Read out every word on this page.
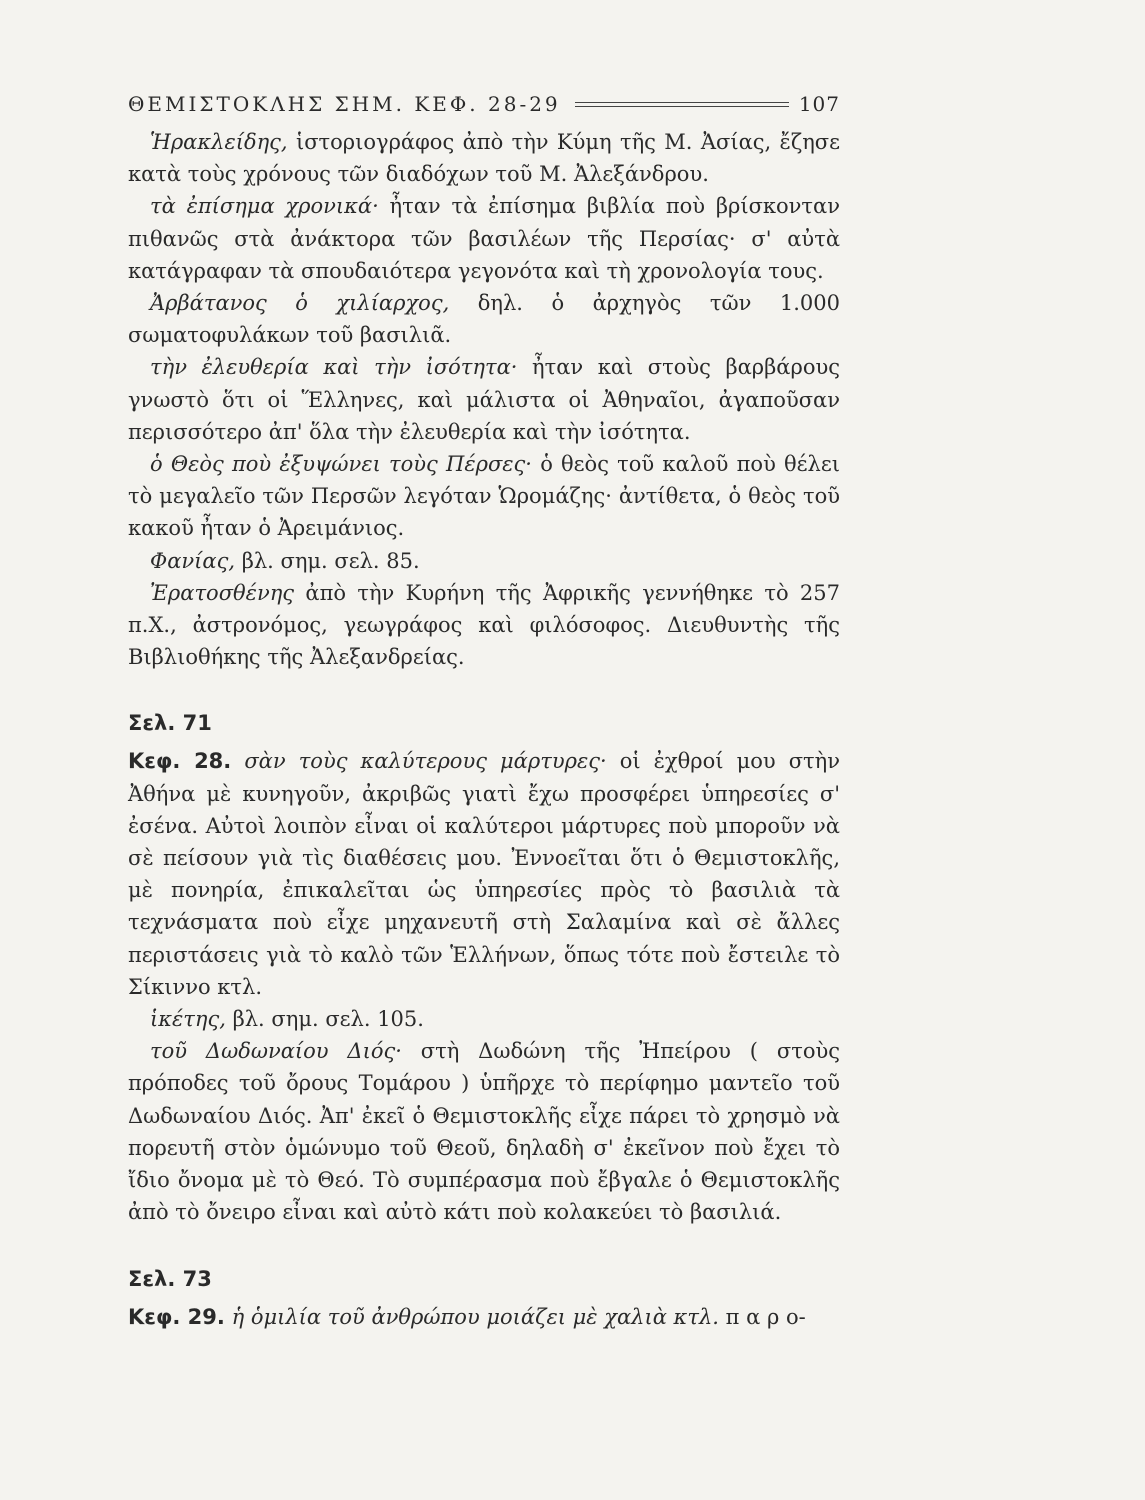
ΘΕΜΙΣΤΟΚΛΗΣ ΣΗΜ. ΚΕΦ. 28-29	107

Ἡρακλείδης, ἱστοριογράφος ἀπὸ τὴν Κύμη τῆς Μ. Ἀσίας, ἔζησε κατὰ τοὺς χρόνους τῶν διαδόχων τοῦ Μ. Ἀλεξάνδρου.

τὰ ἐπίσημα χρονικά· ἦταν τὰ ἐπίσημα βιβλία ποὺ βρίσκονταν πιθανῶς στὰ ἀνάκτορα τῶν βασιλέων τῆς Περσίας· σ' αὐτὰ κατάγραφαν τὰ σπουδαιότερα γεγονότα καὶ τὴ χρονολογία τους.

Ἀρβάτανος ὁ χιλίαρχος, δηλ. ὁ ἀρχηγὸς τῶν 1.000 σωματοφυλάκων τοῦ βασιλιᾶ.

τὴν ἐλευθερία καὶ τὴν ἰσότητα· ἦταν καὶ στοὺς βαρβάρους γνωστὸ ὅτι οἱ Ἕλληνες, καὶ μάλιστα οἱ Ἀθηναῖοι, ἀγαποῦσαν περισσότερο ἀπ' ὅλα τὴν ἐλευθερία καὶ τὴν ἰσότητα.

ὁ Θεὸς ποὺ ἐξυψώνει τοὺς Πέρσες· ὁ θεὸς τοῦ καλοῦ ποὺ θέλει τὸ μεγαλεῖο τῶν Περσῶν λεγόταν Ὡρομάζης· ἀντίθετα, ὁ θεὸς τοῦ κακοῦ ἦταν ὁ Ἀρειμάνιος.

Φανίας, βλ. σημ. σελ. 85.

Ἐρατοσθένης ἀπὸ τὴν Κυρήνη τῆς Ἀφρικῆς γεννήθηκε τὸ 257 π.Χ., ἀστρονόμος, γεωγράφος καὶ φιλόσοφος. Διευθυντὴς τῆς Βιβλιοθήκης τῆς Ἀλεξανδρείας.

Σελ. 71

Κεφ. 28. σὰν τοὺς καλύτερους μάρτυρες· οἱ ἐχθροί μου στὴν Ἀθήνα μὲ κυνηγοῦν, ἀκριβῶς γιατὶ ἔχω προσφέρει ὑπηρεσίες σ' ἐσένα. Αὐτοὶ λοιπὸν εἶναι οἱ καλύτεροι μάρτυρες ποὺ μποροῦν νὰ σὲ πείσουν γιὰ τὶς διαθέσεις μου. Ἐννοεῖται ὅτι ὁ Θεμιστοκλῆς, μὲ πονηρία, ἐπικαλεῖται ὡς ὑπηρεσίες πρὸς τὸ βασιλιὰ τὰ τεχνάσματα ποὺ εἶχε μηχανευτῆ στὴ Σαλαμίνα καὶ σὲ ἄλλες περιστάσεις γιὰ τὸ καλὸ τῶν Ἑλλήνων, ὅπως τότε ποὺ ἔστειλε τὸ Σίκιννο κτλ.

ἱκέτης, βλ. σημ. σελ. 105.

τοῦ Δωδωναίου Διός· στὴ Δωδώνη τῆς Ἠπείρου ( στοὺς πρόποδες τοῦ ὄρους Τομάρου ) ὑπῆρχε τὸ περίφημο μαντεῖο τοῦ Δωδωναίου Διός. Ἀπ' ἐκεῖ ὁ Θεμιστοκλῆς εἶχε πάρει τὸ χρησμὸ νὰ πορευτῆ στὸν ὁμώνυμο τοῦ Θεοῦ, δηλαδὴ σ' ἐκεῖνον ποὺ ἔχει τὸ ἴδιο ὄνομα μὲ τὸ Θεό. Τὸ συμπέρασμα ποὺ ἔβγαλε ὁ Θεμιστοκλῆς ἀπὸ τὸ ὄνειρο εἶναι καὶ αὐτὸ κάτι ποὺ κολακεύει τὸ βασιλιά.

Σελ. 73

Κεφ. 29. ἡ ὁμιλία τοῦ ἀνθρώπου μοιάζει μὲ χαλιὰ κτλ. π α ρ ο-
